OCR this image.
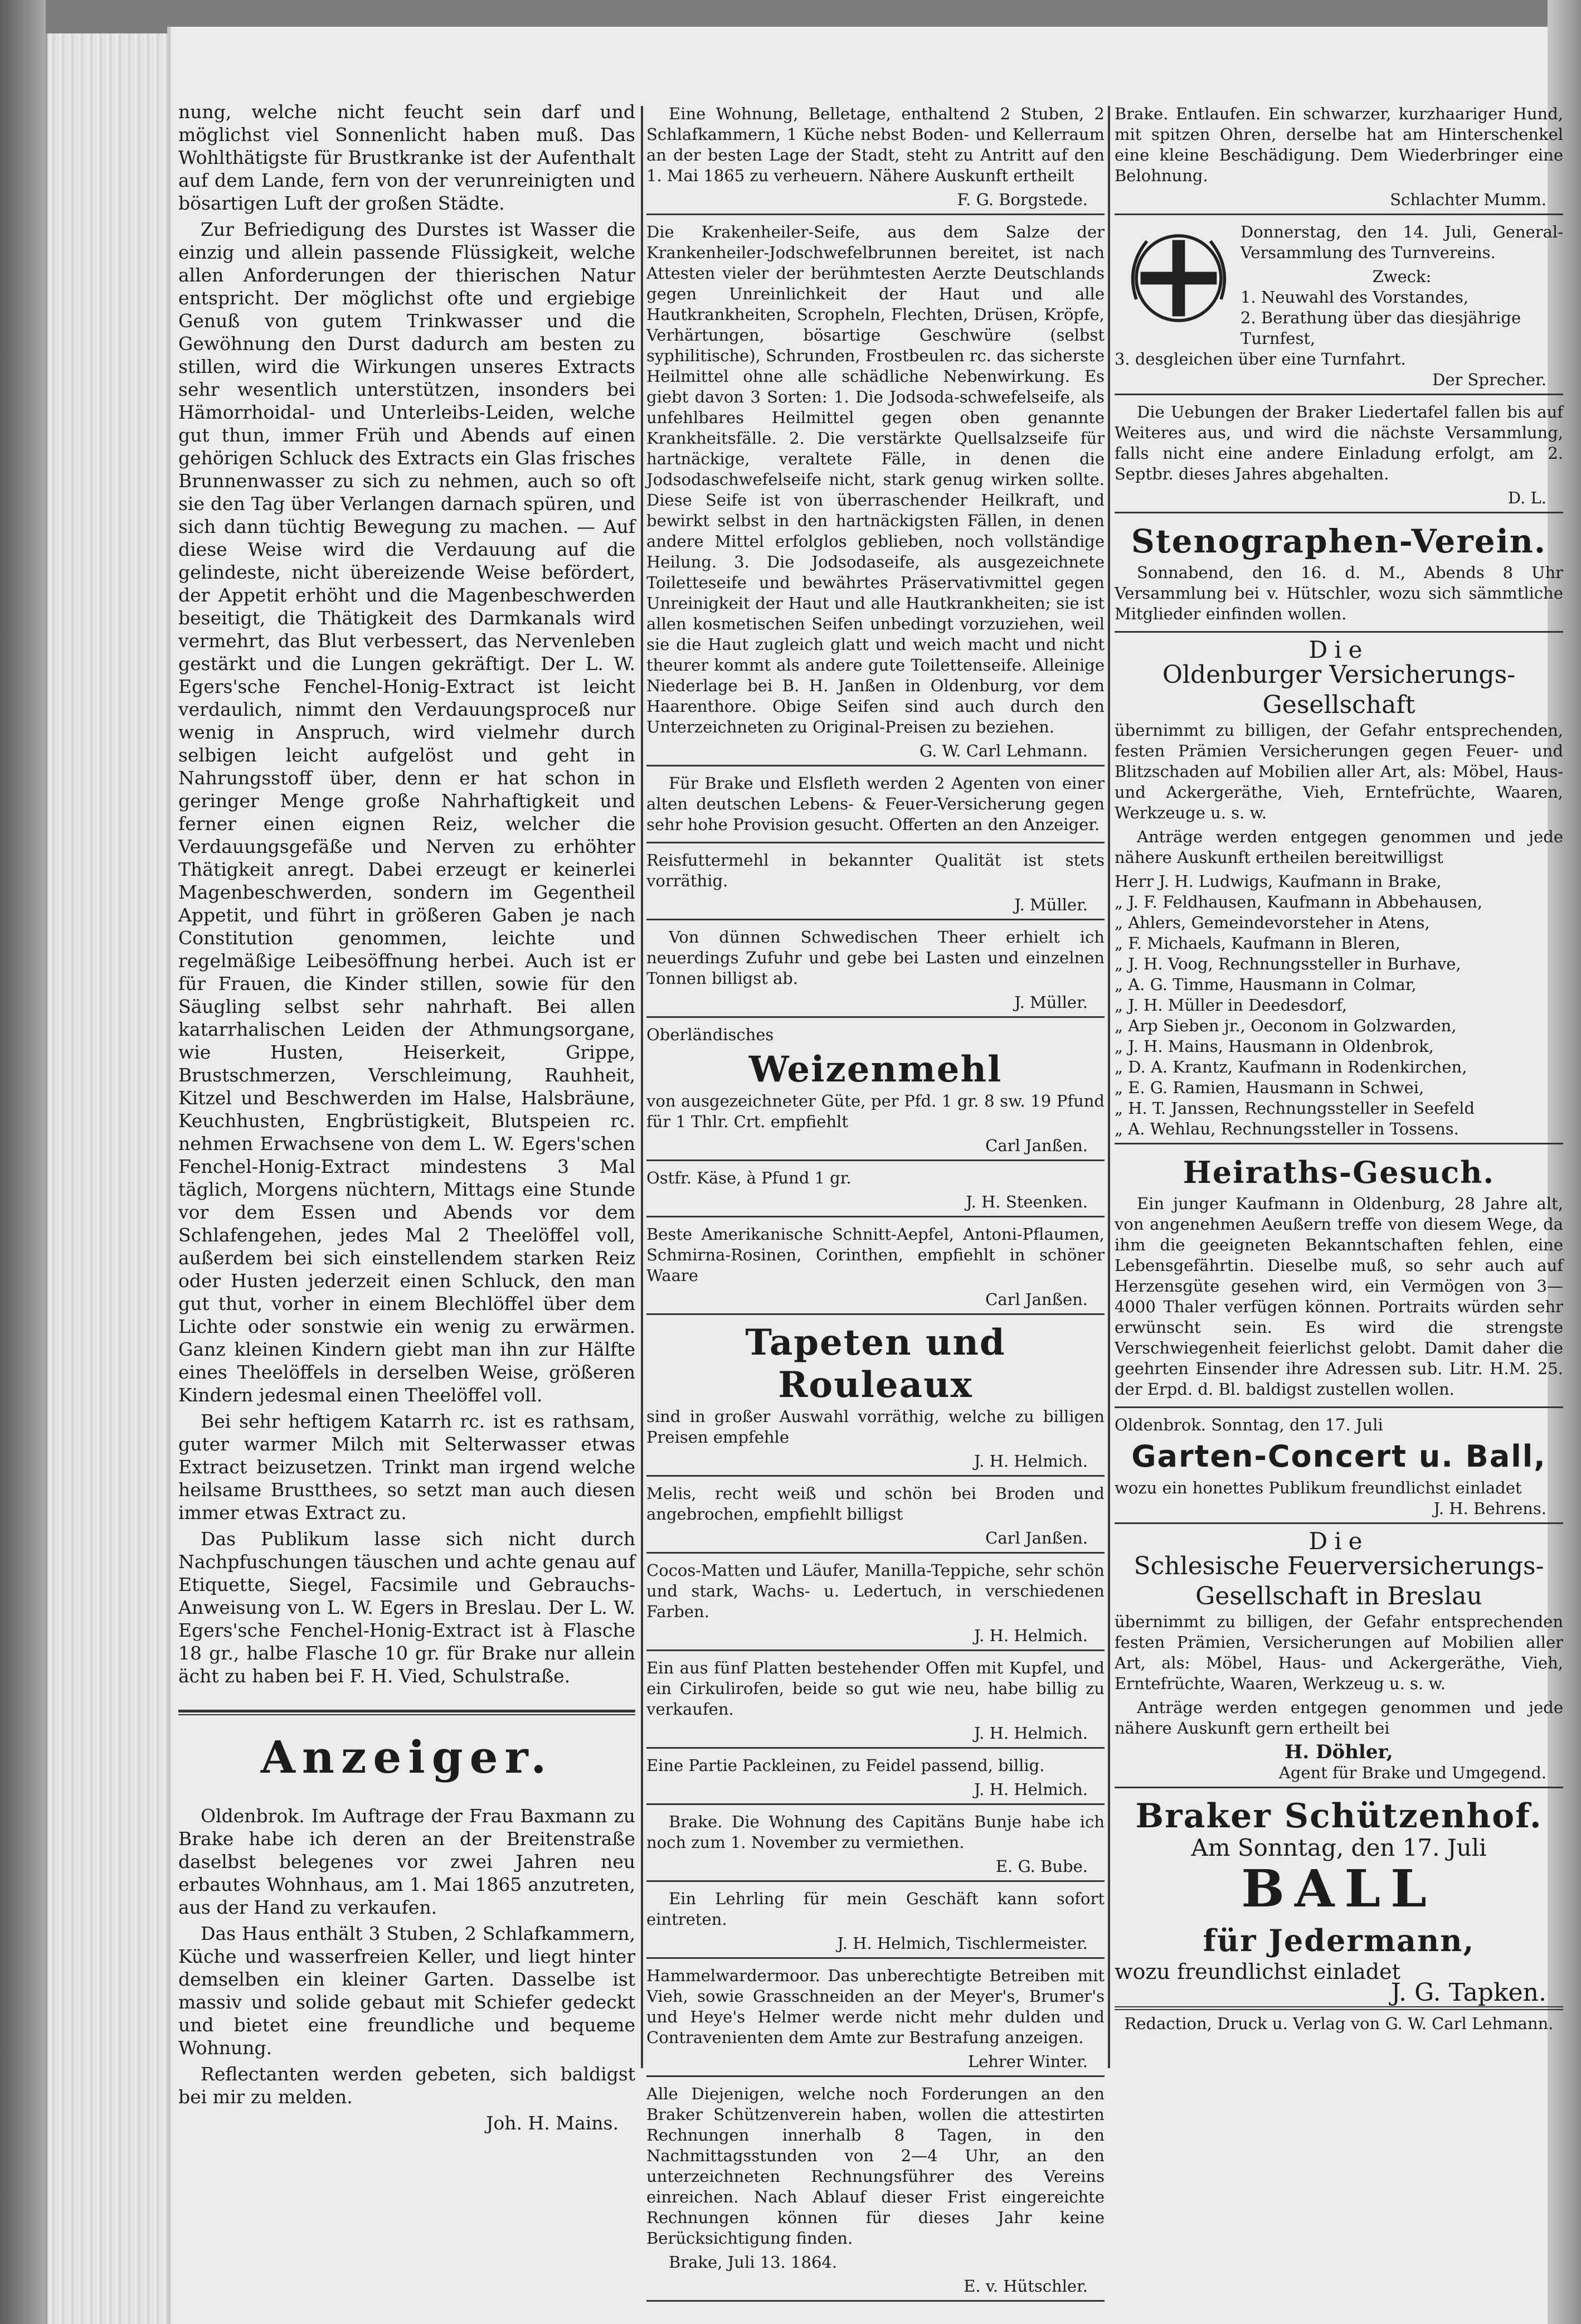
nung, welche nicht feucht sein darf und möglichst viel Sonnenlicht haben muß. Das Wohlthätigste für Brustkranke ist der Aufenthalt auf dem Lande, fern von der verunreinigten und bösartigen Luft der großen Städte.

Zur Befriedigung des Durstes ist Wasser die einzig und allein passende Flüssigkeit, welche allen Anforderungen der thierischen Natur entspricht. Der möglichst ofte und ergiebige Genuß von gutem Trinkwasser und die Gewöhnung den Durst dadurch am besten zu stillen, wird die Wirkungen unseres Extracts sehr wesentlich unterstützen, insonders bei Hämorrhoidal- und Unterleibs-Leiden, welche gut thun, immer Früh und Abends auf einen gehörigen Schluck des Extracts ein Glas frisches Brunnenwasser zu sich zu nehmen, auch so oft sie den Tag über Verlangen darnach spüren, und sich dann tüchtig Bewegung zu machen. — Auf diese Weise wird die Verdauung auf die gelindeste, nicht übereizende Weise befördert, der Appetit erhöht und die Magenbeschwerden beseitigt, die Thätigkeit des Darmkanals wird vermehrt, das Blut verbessert, das Nervenleben gestärkt und die Lungen gekräftigt. Der L. W. Egers'sche Fenchel-Honig-Extract ist leicht verdaulich, nimmt den Verdauungsproceß nur wenig in Anspruch, wird vielmehr durch selbigen leicht aufgelöst und geht in Nahrungsstoff über, denn er hat schon in geringer Menge große Nahrhaftigkeit und ferner einen eignen Reiz, welcher die Verdauungsgefäße und Nerven zu erhöhter Thätigkeit anregt. Dabei erzeugt er keinerlei Magenbeschwerden, sondern im Gegentheil Appetit, und führt in größeren Gaben je nach Constitution genommen, leichte und regelmäßige Leibesöffnung herbei. Auch ist er für Frauen, die Kinder stillen, sowie für den Säugling selbst sehr nahrhaft. Bei allen katarrhalischen Leiden der Athmungsorgane, wie Husten, Heiserkeit, Grippe, Brustschmerzen, Verschleimung, Rauhheit, Kitzel und Beschwerden im Halse, Halsbräune, Keuchhusten, Engbrüstigkeit, Blutspeien rc. nehmen Erwachsene von dem L. W. Egers'schen Fenchel-Honig-Extract mindestens 3 Mal täglich, Morgens nüchtern, Mittags eine Stunde vor dem Essen und Abends vor dem Schlafengehen, jedes Mal 2 Theelöffel voll, außerdem bei sich einstellendem starken Reiz oder Husten jederzeit einen Schluck, den man gut thut, vorher in einem Blechlöffel über dem Lichte oder sonstwie ein wenig zu erwärmen. Ganz kleinen Kindern giebt man ihn zur Hälfte eines Theelöffels in derselben Weise, größeren Kindern jedesmal einen Theelöffel voll.

Bei sehr heftigem Katarrh rc. ist es rathsam, guter warmer Milch mit Selterwasser etwas Extract beizusetzen. Trinkt man irgend welche heilsame Brustthees, so setzt man auch diesen immer etwas Extract zu.

Das Publikum lasse sich nicht durch Nachpfuschungen täuschen und achte genau auf Etiquette, Siegel, Facsimile und Gebrauchs-Anweisung von L. W. Egers in Breslau. Der L. W. Egers'sche Fenchel-Honig-Extract ist à Flasche 18 gr., halbe Flasche 10 gr. für Brake nur allein ächt zu haben bei F. H. Vied, Schulstraße.

Anzeiger.

Oldenbrok. Im Auftrage der Frau Baxmann zu Brake habe ich deren an der Breitenstraße daselbst belegenes vor zwei Jahren neu erbautes Wohnhaus, am 1. Mai 1865 anzutreten, aus der Hand zu verkaufen.

Das Haus enthält 3 Stuben, 2 Schlafkammern, Küche und wasserfreien Keller, und liegt hinter demselben ein kleiner Garten. Dasselbe ist massiv und solide gebaut mit Schiefer gedeckt und bietet eine freundliche und bequeme Wohnung.

Reflectanten werden gebeten, sich baldigst bei mir zu melden.

Joh. H. Mains.

Eine Wohnung, Belletage, enthaltend 2 Stuben, 2 Schlafkammern, 1 Küche nebst Boden- und Kellerraum an der besten Lage der Stadt, steht zu Antritt auf den 1. Mai 1865 zu verheuern. Nähere Auskunft ertheilt

F. G. Borgstede.

Die Krakenheiler-Seife, aus dem Salze der Krankenheiler-Jodschwefelbrunnen bereitet, ist nach Attesten vieler der berühmtesten Aerzte Deutschlands gegen Unreinlichkeit der Haut und alle Hautkrankheiten, Scropheln, Flechten, Drüsen, Kröpfe, Verhärtungen, bösartige Geschwüre (selbst syphilitische), Schrunden, Frostbeulen rc. das sicherste Heilmittel ohne alle schädliche Nebenwirkung. Es giebt davon 3 Sorten: 1. Die Jodsoda-schwefelseife, als unfehlbares Heilmittel gegen oben genannte Krankheitsfälle. 2. Die verstärkte Quellsalzseife für hartnäckige, veraltete Fälle, in denen die Jodsodaschwefelseife nicht, stark genug wirken sollte. Diese Seife ist von überraschender Heilkraft, und bewirkt selbst in den hartnäckigsten Fällen, in denen andere Mittel erfolglos geblieben, noch vollständige Heilung. 3. Die Jodsodaseife, als ausgezeichnete Toiletteseife und bewährtes Präservativmittel gegen Unreinigkeit der Haut und alle Hautkrankheiten; sie ist allen kosmetischen Seifen unbedingt vorzuziehen, weil sie die Haut zugleich glatt und weich macht und nicht theurer kommt als andere gute Toilettenseife. Alleinige Niederlage bei B. H. Janßen in Oldenburg, vor dem Haarenthore. Obige Seifen sind auch durch den Unterzeichneten zu Original-Preisen zu beziehen.

G. W. Carl Lehmann.

Für Brake und Elsfleth werden 2 Agenten von einer alten deutschen Lebens- & Feuer-Versicherung gegen sehr hohe Provision gesucht. Offerten an den Anzeiger.

Reisfuttermehl in bekannter Qualität ist stets vorräthig.

J. Müller.

Von dünnen Schwedischen Theer erhielt ich neuerdings Zufuhr und gebe bei Lasten und einzelnen Tonnen billigst ab.

J. Müller.

Oberländisches

Weizenmehl

von ausgezeichneter Güte, per Pfd. 1 gr. 8 sw. 19 Pfund für 1 Thlr. Crt. empfiehlt

Carl Janßen.

Ostfr. Käse, à Pfund 1 gr.

J. H. Steenken.

Beste Amerikanische Schnitt-Aepfel, Antoni-Pflaumen, Schmirna-Rosinen, Corinthen, empfiehlt in schöner Waare

Carl Janßen.

Tapeten und Rouleaux

sind in großer Auswahl vorräthig, welche zu billigen Preisen empfehle

J. H. Helmich.

Melis, recht weiß und schön bei Broden und angebrochen, empfiehlt billigst

Carl Janßen.

Cocos-Matten und Läufer, Manilla-Teppiche, sehr schön und stark, Wachs- u. Ledertuch, in verschiedenen Farben.

J. H. Helmich.

Ein aus fünf Platten bestehender Offen mit Kupfel, und ein Cirkulirofen, beide so gut wie neu, habe billig zu verkaufen.

J. H. Helmich.

Eine Partie Packleinen, zu Feidel passend, billig.

J. H. Helmich.

Brake. Die Wohnung des Capitäns Bunje habe ich noch zum 1. November zu vermiethen.

E. G. Bube.

Ein Lehrling für mein Geschäft kann sofort eintreten.

J. H. Helmich, Tischlermeister.

Hammelwardermoor. Das unberechtigte Betreiben mit Vieh, sowie Grasschneiden an der Meyer's, Brumer's und Heye's Helmer werde nicht mehr dulden und Contravenienten dem Amte zur Bestrafung anzeigen.

Lehrer Winter.

Alle Diejenigen, welche noch Forderungen an den Braker Schützenverein haben, wollen die attestirten Rechnungen innerhalb 8 Tagen, in den Nachmittagsstunden von 2—4 Uhr, an den unterzeichneten Rechnungsführer des Vereins einreichen. Nach Ablauf dieser Frist eingereichte Rechnungen können für dieses Jahr keine Berücksichtigung finden.

Brake, Juli 13. 1864.

E. v. Hütschler.

Brake. Entlaufen. Ein schwarzer, kurzhaariger Hund, mit spitzen Ohren, derselbe hat am Hinterschenkel eine kleine Beschädigung. Dem Wiederbringer eine Belohnung.

Schlachter Mumm.

Donnerstag, den 14. Juli, General-Versammlung des Turnvereins.

Zweck:

1. Neuwahl des Vorstandes,

2. Berathung über das diesjährige Turnfest,

3. desgleichen über eine Turnfahrt.

Der Sprecher.

Die Uebungen der Braker Liedertafel fallen bis auf Weiteres aus, und wird die nächste Versammlung, falls nicht eine andere Einladung erfolgt, am 2. Septbr. dieses Jahres abgehalten.

D. L.

Stenographen-Verein.

Sonnabend, den 16. d. M., Abends 8 Uhr Versammlung bei v. Hütschler, wozu sich sämmtliche Mitglieder einfinden wollen.

Die
Oldenburger Versicherungs-Gesellschaft

übernimmt zu billigen, der Gefahr entsprechenden, festen Prämien Versicherungen gegen Feuer- und Blitzschaden auf Mobilien aller Art, als: Möbel, Haus- und Ackergeräthe, Vieh, Erntefrüchte, Waaren, Werkzeuge u. s. w.

Anträge werden entgegen genommen und jede nähere Auskunft ertheilen bereitwilligst

Herr J. H. Ludwigs, Kaufmann in Brake,

„ J. F. Feldhausen, Kaufmann in Abbehausen,

„ Ahlers, Gemeindevorsteher in Atens,

„ F. Michaels, Kaufmann in Bleren,

„ J. H. Voog, Rechnungssteller in Burhave,

„ A. G. Timme, Hausmann in Colmar,

„ J. H. Müller in Deedesdorf,

„ Arp Sieben jr., Oeconom in Golzwarden,

„ J. H. Mains, Hausmann in Oldenbrok,

„ D. A. Krantz, Kaufmann in Rodenkirchen,

„ E. G. Ramien, Hausmann in Schwei,

„ H. T. Janssen, Rechnungssteller in Seefeld

„ A. Wehlau, Rechnungssteller in Tossens.

Heiraths-Gesuch.

Ein junger Kaufmann in Oldenburg, 28 Jahre alt, von angenehmen Aeußern treffe von diesem Wege, da ihm die geeigneten Bekanntschaften fehlen, eine Lebensgefährtin. Dieselbe muß, so sehr auch auf Herzensgüte gesehen wird, ein Vermögen von 3—4000 Thaler verfügen können. Portraits würden sehr erwünscht sein. Es wird die strengste Verschwiegenheit feierlichst gelobt. Damit daher die geehrten Einsender ihre Adressen sub. Litr. H.M. 25. der Erpd. d. Bl. baldigst zustellen wollen.

Oldenbrok. Sonntag, den 17. Juli

Garten-Concert u. Ball,

wozu ein honettes Publikum freundlichst einladet

J. H. Behrens.

Die
Schlesische Feuerversicherungs-Gesellschaft in Breslau

übernimmt zu billigen, der Gefahr entsprechenden festen Prämien, Versicherungen auf Mobilien aller Art, als: Möbel, Haus- und Ackergeräthe, Vieh, Erntefrüchte, Waaren, Werkzeug u. s. w.

Anträge werden entgegen genommen und jede nähere Auskunft gern ertheilt bei

H. Döhler,

Agent für Brake und Umgegend.

Braker Schützenhof.
Am Sonntag, den 17. Juli
BALL
für Jedermann,

wozu freundlichst einladet

J. G. Tapken.

Redaction, Druck u. Verlag von G. W. Carl Lehmann.
